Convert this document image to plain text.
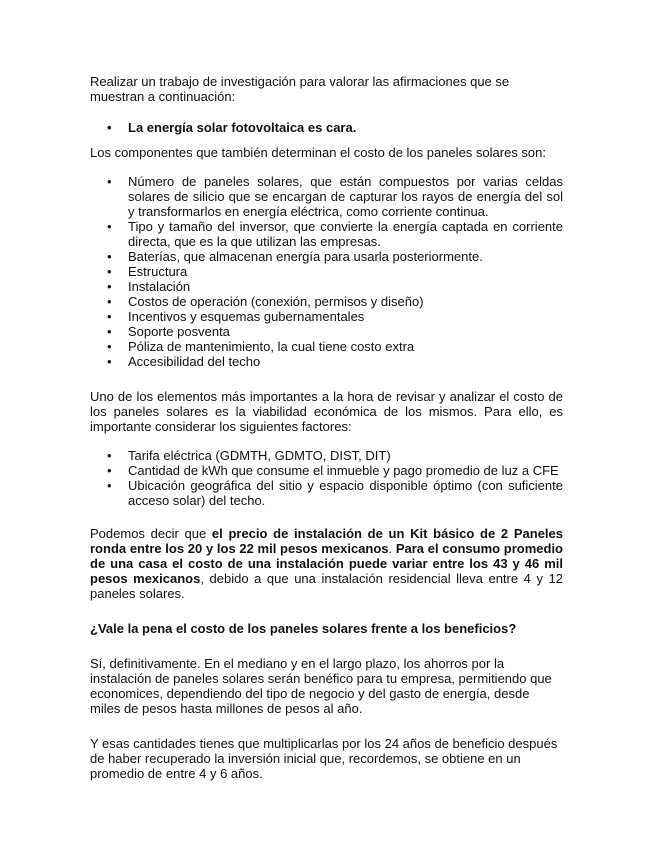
Realizar un trabajo de investigación para valorar las afirmaciones que se muestran a continuación:

• La energía solar fotovoltaica es cara.

Los componentes que también determinan el costo de los paneles solares son:

• Número de paneles solares, que están compuestos por varias celdas solares de silicio que se encargan de capturar los rayos de energía del sol y transformarlos en energía eléctrica, como corriente continua.
• Tipo y tamaño del inversor, que convierte la energía captada en corriente directa, que es la que utilizan las empresas.
• Baterías, que almacenan energía para usarla posteriormente.
• Estructura
• Instalación
• Costos de operación (conexión, permisos y diseño)
• Incentivos y esquemas gubernamentales
• Soporte posventa
• Póliza de mantenimiento, la cual tiene costo extra
• Accesibilidad del techo

Uno de los elementos más importantes a la hora de revisar y analizar el costo de los paneles solares es la viabilidad económica de los mismos. Para ello, es importante considerar los siguientes factores:

• Tarifa eléctrica (GDMTH, GDMTO, DIST, DIT)
• Cantidad de kWh que consume el inmueble y pago promedio de luz a CFE
• Ubicación geográfica del sitio y espacio disponible óptimo (con suficiente acceso solar) del techo.

Podemos decir que el precio de instalación de un Kit básico de 2 Paneles ronda entre los 20 y los 22 mil pesos mexicanos. Para el consumo promedio de una casa el costo de una instalación puede variar entre los 43 y 46 mil pesos mexicanos, debido a que una instalación residencial lleva entre 4 y 12 paneles solares.

¿Vale la pena el costo de los paneles solares frente a los beneficios?

Sí, definitivamente. En el mediano y en el largo plazo, los ahorros por la instalación de paneles solares serán benéfico para tu empresa, permitiendo que economices, dependiendo del tipo de negocio y del gasto de energía, desde miles de pesos hasta millones de pesos al año.

Y esas cantidades tienes que multiplicarlas por los 24 años de beneficio después de haber recuperado la inversión inicial que, recordemos, se obtiene en un promedio de entre 4 y 6 años.
